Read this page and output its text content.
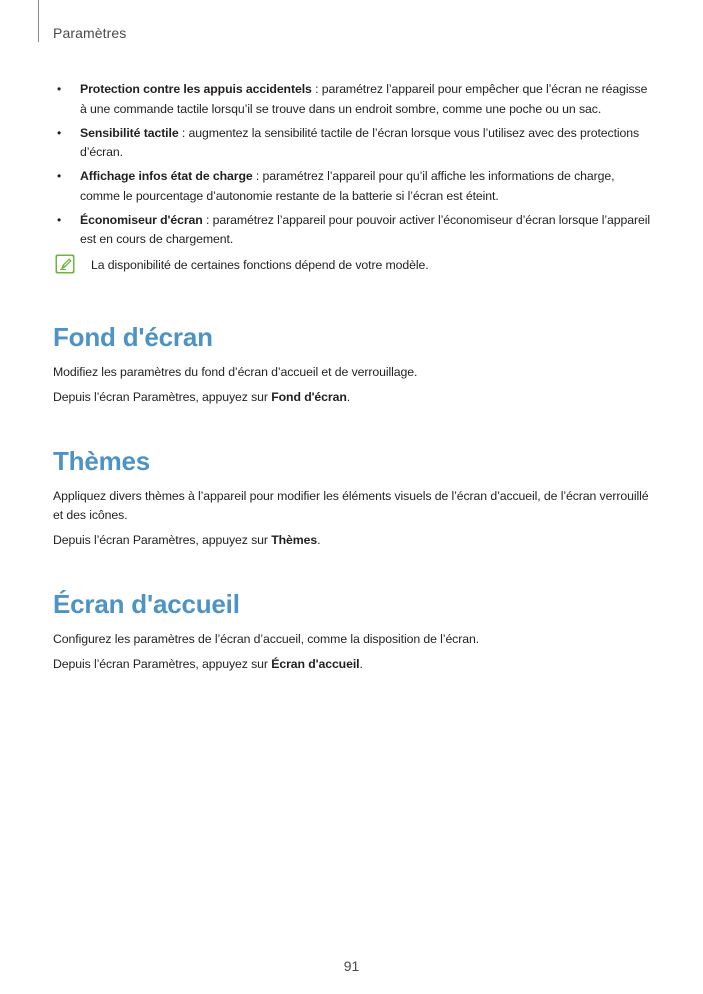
Paramètres
• Protection contre les appuis accidentels : paramétrez l’appareil pour empêcher que l’écran ne réagisse à une commande tactile lorsqu’il se trouve dans un endroit sombre, comme une poche ou un sac.
• Sensibilité tactile : augmentez la sensibilité tactile de l’écran lorsque vous l’utilisez avec des protections d’écran.
• Affichage infos état de charge : paramétrez l’appareil pour qu’il affiche les informations de charge, comme le pourcentage d’autonomie restante de la batterie si l’écran est éteint.
• Économiseur d'écran : paramétrez l’appareil pour pouvoir activer l’économiseur d’écran lorsque l’appareil est en cours de chargement.
La disponibilité de certaines fonctions dépend de votre modèle.
Fond d'écran

Modifiez les paramètres du fond d’écran d’accueil et de verrouillage.

Depuis l’écran Paramètres, appuyez sur Fond d'écran.

Thèmes

Appliquez divers thèmes à l’appareil pour modifier les éléments visuels de l’écran d’accueil, de l’écran verrouillé et des icônes.

Depuis l’écran Paramètres, appuyez sur Thèmes.

Écran d'accueil

Configurez les paramètres de l’écran d’accueil, comme la disposition de l’écran.

Depuis l’écran Paramètres, appuyez sur Écran d'accueil.

91
